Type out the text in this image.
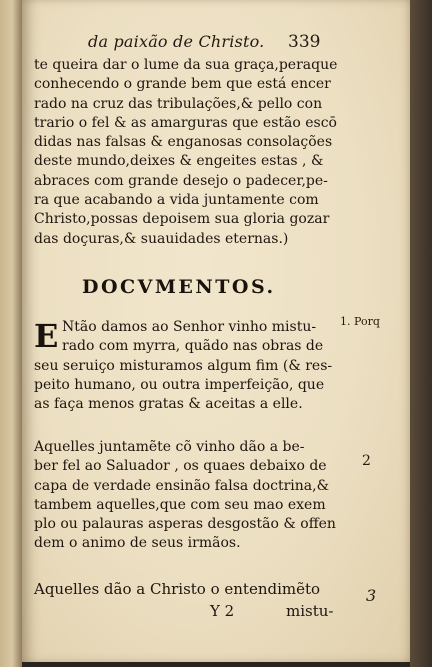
da paixão de Christo. 339
te queira dar o lume da sua graça,peraque
conhecendo o grande bem que está encer
rado na cruz das tribulações,& pello con
trario o fel & as amarguras que estão escō
didas nas falsas & enganosas consolações
deste mundo,deixes & engeites estas , &
abraces com grande desejo o padecer,pe-
ra que acabando a vida juntamente com
Christo,possas depoisem sua gloria gozar
das doçuras,& suauidades eternas.)
DOCVMENTOS.
E Ntão damos ao Senhor vinho mistu-
rado com myrra, quãdo nas obras de
seu seruiço misturamos algum fim (& res-
peito humano, ou outra imperfeição, que
as faça menos gratas & aceitas a elle.
1. Porq
Aquelles juntamẽte cõ vinho dão a be-
ber fel ao Saluador , os quaes debaixo de
capa de verdade ensinão falsa doctrina,&
tambem aquelles,que com seu mao exem
plo ou palauras asperas desgostão & offen
dem o animo de seus irmãos.
2
Aquelles dão a Christo o entendimẽto	3
Y 2	mistu-
